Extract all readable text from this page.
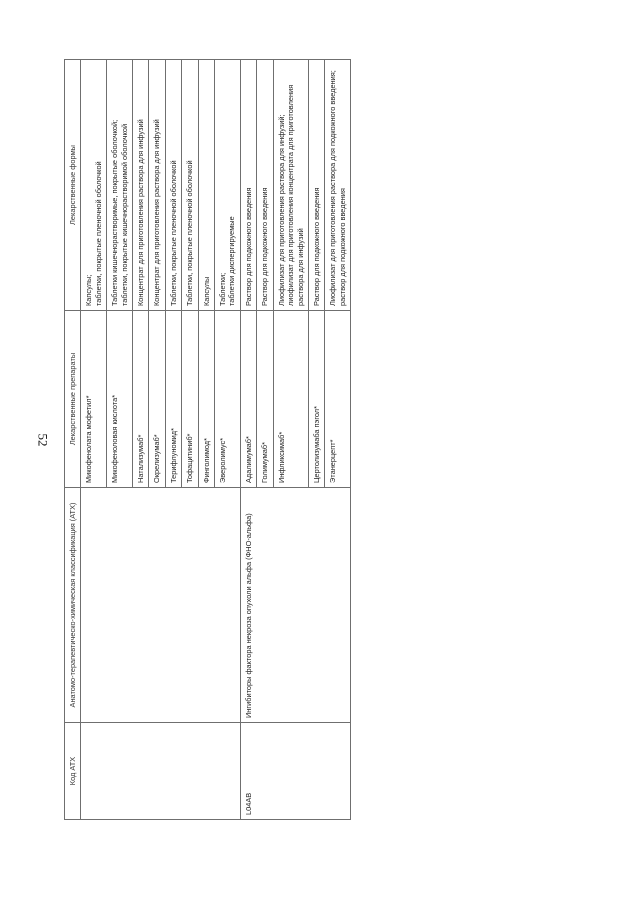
52
Код АТХ	Анатомо-терапевтическо-химическая классификация (АТХ)	Лекарственные препараты	Лекарственные формы
		Микофенолата мофетил*	Капсулы; таблетки, покрытые пленочной оболочкой

		Микофеноловая кислота*	Таблетки кишечнорастворимые, покрытые оболочкой; таблетки, покрытые кишечнорастворимой оболочкой

		Натализумаб*	Концентрат для приготовления раствора для инфузий

		Окрелизумаб*	Концентрат для приготовления раствора для инфузий

		Терифлуномид*	Таблетки, покрытые пленочной оболочкой

		Тофацитиниб*	Таблетки, покрытые пленочной оболочкой

		Финголимод*	Капсулы

		Эверолимус*	Таблетки; таблетки диспергируемые

L04AB	Ингибиторы фактора некроза опухоли альфа (ФНО-альфа)	Адалимумаб*	Раствор для подкожного введения

		Голимумаб*	Раствор для подкожного введения

		Инфликсимаб*	Лиофилизат для приготовления раствора для инфузий; лиофилизат для приготовления концентрата для приготовления раствора для инфузий

		Цертолизумаба пэгол*	Раствор для подкожного введения

		Этанерцепт*	Лиофилизат для приготовления раствора для подкожного введения; раствор для подкожного введения
